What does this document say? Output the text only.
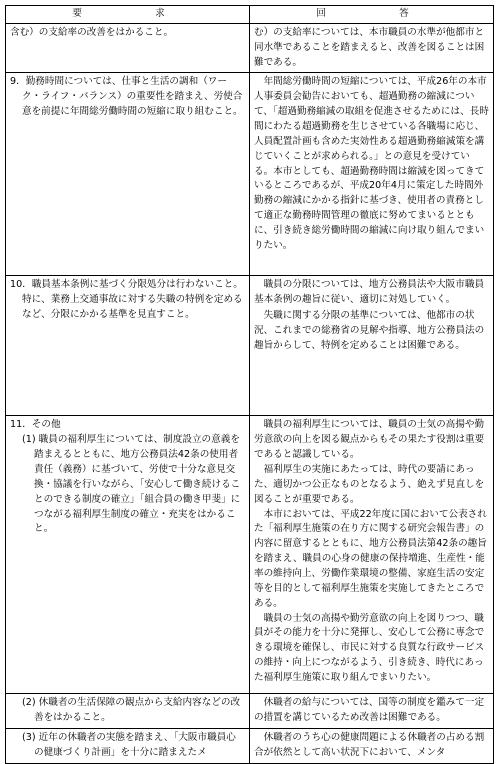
要　　求	回　　答

含む）の支給率の改善をはかること。	む）の支給率については、本市職員の水準が他都市と同水準であることを踏まえると、改善を図ることは困難である。

9．勤務時間については、仕事と生活の調和（ワーク・ライフ・バランス）の重要性を踏まえ、労使合意を前提に年間総労働時間の短縮に取り組むこと。	　年間総労働時間の短縮については、平成26年の本市人事委員会勧告においても、超過勤務の縮減について、「超過勤務縮減の取組を促進させるためには、長時間にわたる超過勤務を生じさせている各職場に応じ、人員配置計画も含めた実効性ある超過勤務縮減策を講じていくことが求められる。」との意見を受けている。本市としても、超過勤務時間は縮減を図ってきているところであるが、平成20年4月に策定した時間外勤務の縮減にかかる指針に基づき、使用者の責務として適正な勤務時間管理の徹底に努めてまいるとともに、引き続き総労働時間の縮減に向け取り組んでまいりたい。

10．職員基本条例に基づく分限処分は行わないこと。特に、業務上交通事故に対する失職の特例を定めるなど、分限にかかる基準を見直すこと。	　職員の分限については、地方公務員法や大阪市職員基本条例の趣旨に従い、適切に対処していく。
　失職に関する分限の基準については、他都市の状況、これまでの総務省の見解や指導、地方公務員法の趣旨からして、特例を定めることは困難である。

11．その他
(1) 職員の福利厚生については、制度設立の意義を踏まえるとともに、地方公務員法42条の使用者責任（義務）に基づいて、労使で十分な意見交換・協議を行いながら、「安心して働き続けることのできる制度の確立」「組合員の働き甲斐」につながる福利厚生制度の確立・充実をはかること。	　職員の福利厚生については、職員の士気の高揚や勤労意欲の向上を図る観点からもその果たす役割は重要であると認識している。
　福利厚生の実施にあたっては、時代の要請にあった、適切かつ公正なものとなるよう、絶えず見直しを図ることが重要である。
　本市においては、平成22年度に国において公表された「福利厚生施策の在り方に関する研究会報告書」の内容に留意するとともに、地方公務員法第42条の趣旨を踏まえ、職員の心身の健康の保持増進、生産性・能率の維持向上、労働作業環境の整備、家庭生活の安定等を目的として福利厚生施策を実施してきたところである。
　職員の士気の高揚や勤労意欲の向上を図りつつ、職員がその能力を十分に発揮し、安心して公務に専念できる環境を確保し、市民に対する良質な行政サービスの維持・向上につながるよう、引き続き、時代にあった福利厚生施策に取り組んでまいりたい。

(2) 休職者の生活保障の観点から支給内容などの改善をはかること。	　休職者の給与については、国等の制度を鑑みて一定の措置を講じているため改善は困難である。

(3) 近年の休職者の実態を踏まえ、「大阪市職員心の健康づくり計画」を十分に踏まえたメ	　休職者のうち心の健康問題による休職者の占める割合が依然として高い状況下において、メンタ
